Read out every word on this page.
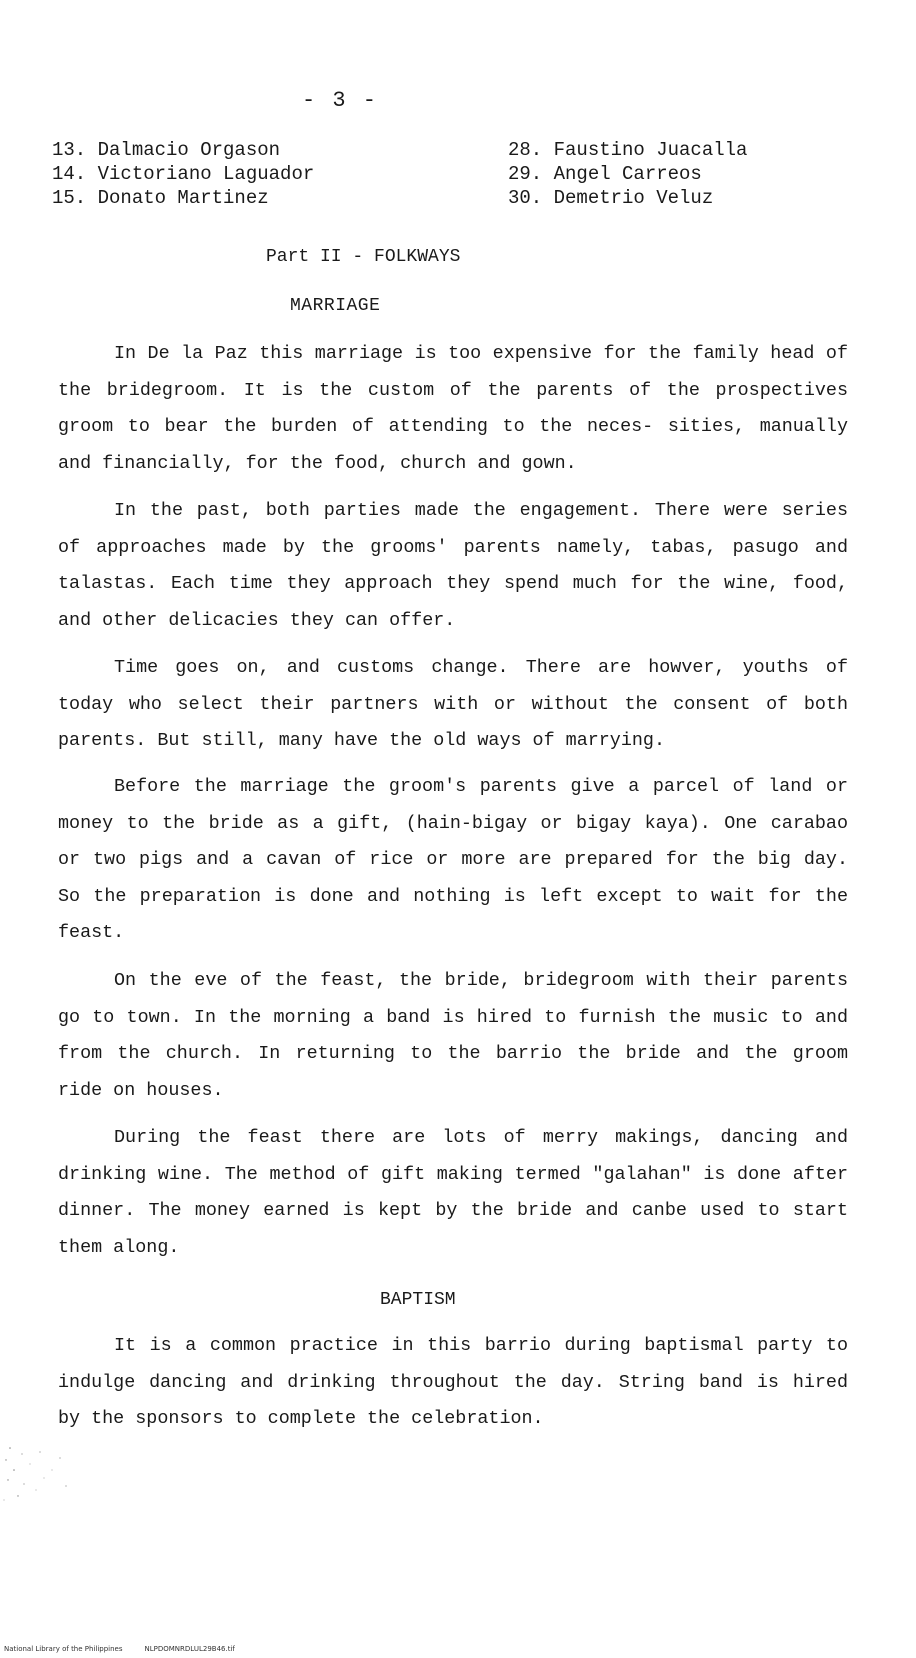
- 3 -
13. Dalmacio Orgason
14. Victoriano Laguador
15. Donato Martinez
28. Faustino Juacalla
29. Angel Carreos
30. Demetrio Veluz
Part II - FOLKWAYS
MARRIAGE

In De la Paz this marriage is too expensive for the family head of the bridegroom. It is the custom of the parents of the prospectives groom to bear the burden of attending to the neces- sities, manually and financially, for the food, church and gown.

In the past, both parties made the engagement. There were series of approaches made by the grooms' parents namely, tabas, pasugo and talastas. Each time they approach they spend much for the wine, food, and other delicacies they can offer.

Time goes on, and customs change. There are howver, youths of today who select their partners with or without the consent of both parents. But still, many have the old ways of marrying.

Before the marriage the groom's parents give a parcel of land or money to the bride as a gift, (hain-bigay or bigay kaya). One carabao or two pigs and a cavan of rice or more are prepared for the big day. So the preparation is done and nothing is left except to wait for the feast.

On the eve of the feast, the bride, bridegroom with their parents go to town. In the morning a band is hired to furnish the music to and from the church. In returning to the barrio the bride and the groom ride on houses.

During the feast there are lots of merry makings, dancing and drinking wine. The method of gift making termed "galahan" is done after dinner. The money earned is kept by the bride and canbe used to start them along.

BAPTISM

It is a common practice in this barrio during baptismal party to indulge dancing and drinking throughout the day. String band is hired by the sponsors to complete the celebration.

National Library of the Philippines	NLPDOMNRDLUL29B46.tif
